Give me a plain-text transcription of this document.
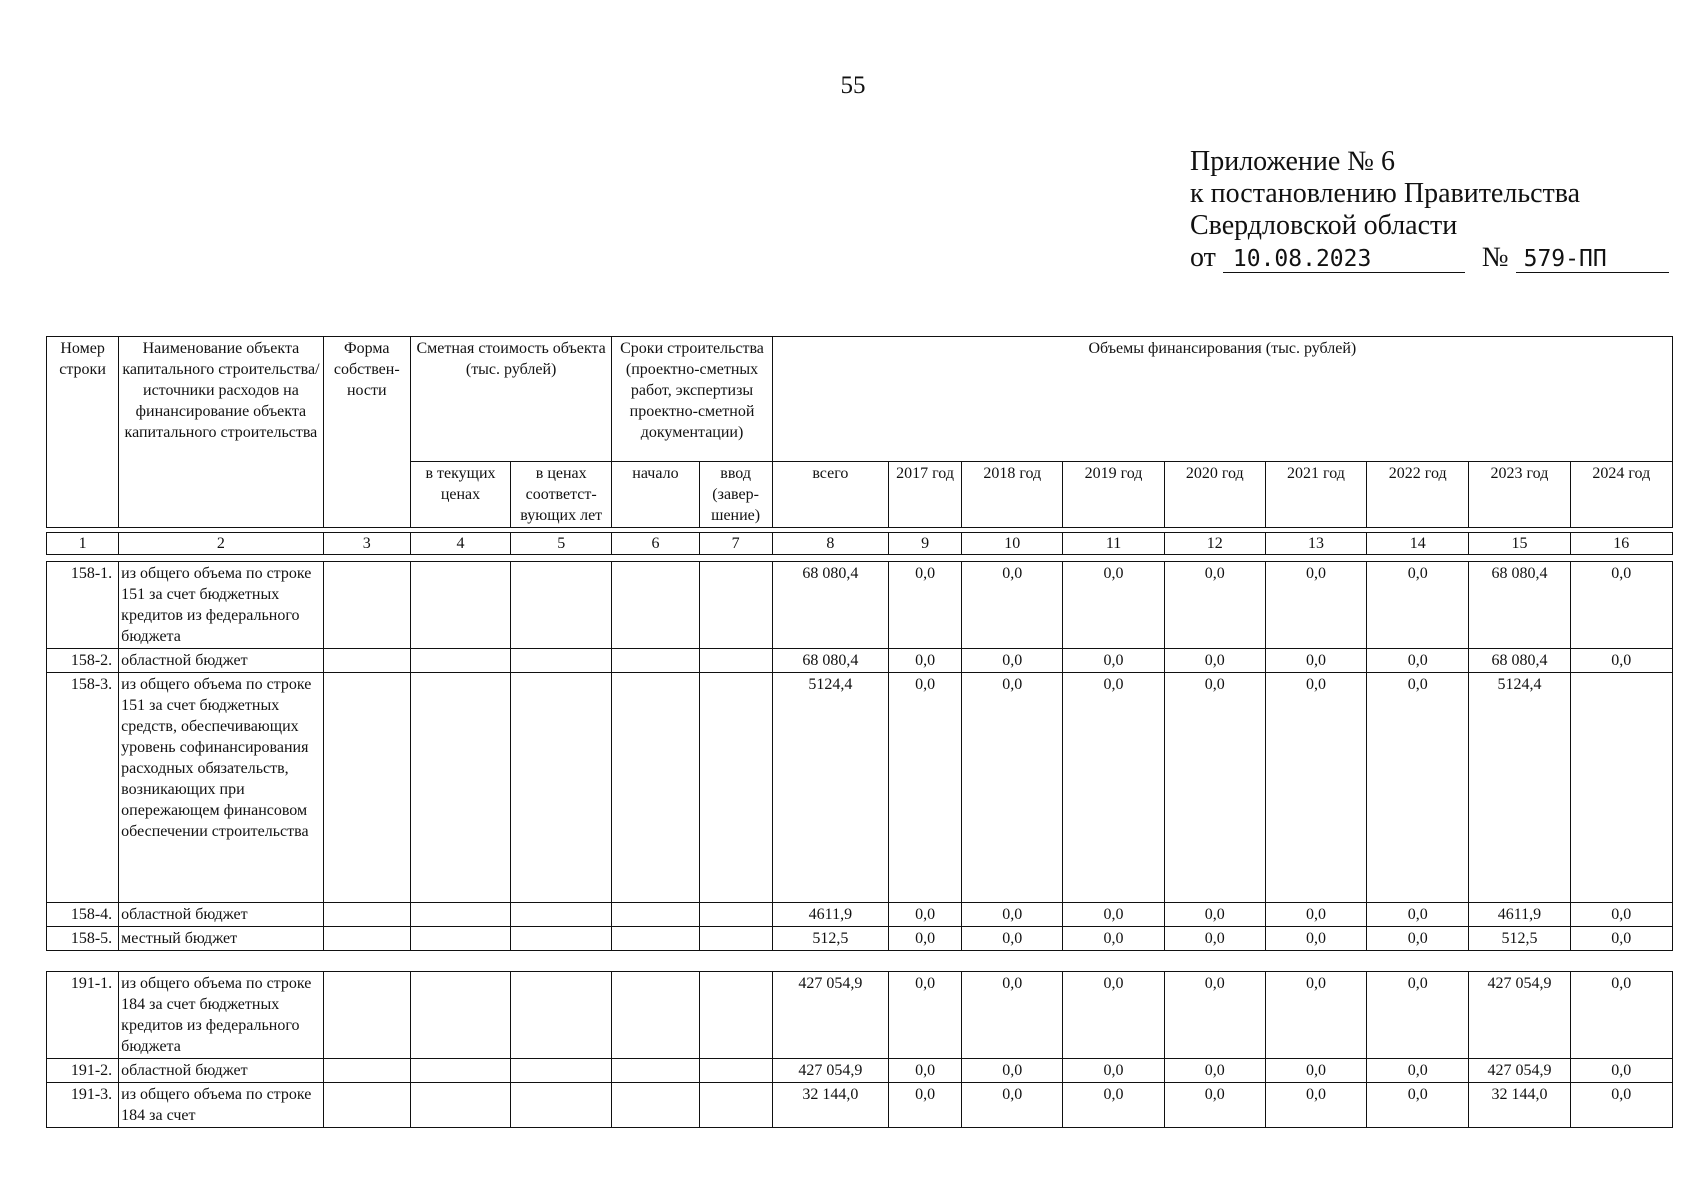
55
Приложение № 6
к постановлению Правительства
Свердловской области
от 10.08.2023	№ 579-ПП
Номер строки	Наименование объекта капитального строительства/источники расходов на финансирование объекта капитального строительства	Форма собствен-ности	Сметная стоимость объекта (тыс. рублей)		Сроки строительства (проектно-сметных работ, экспертизы проектно-сметной документации)		Объемы финансирования (тыс. рублей)								
			в текущих ценах	в ценах соответст-вующих лет	начало	ввод (завер-шение)	всего	2017 год	2018 год	2019 год	2020 год	2021 год	2022 год	2023 год	2024 год
1	2	3	4	5	6	7	8	9	10	11	12	13	14	15	16
158-1.	из общего объема по строке 151 за счет бюджетных кредитов из федерального бюджета						68 080,4	0,0	0,0	0,0	0,0	0,0	0,0	68 080,4	0,0
158-2.	областной бюджет						68 080,4	0,0	0,0	0,0	0,0	0,0	0,0	68 080,4	0,0
158-3.	из общего объема по строке 151 за счет бюджетных средств, обеспечивающих уровень софинансирования расходных обязательств, возникающих при опережающем финансовом обеспечении строительства						5124,4	0,0	0,0	0,0	0,0	0,0	0,0	5124,4	
158-4.	областной бюджет						4611,9	0,0	0,0	0,0	0,0	0,0	0,0	4611,9	0,0
158-5.	местный бюджет						512,5	0,0	0,0	0,0	0,0	0,0	0,0	512,5	0,0
191-1.	из общего объема по строке 184 за счет бюджетных кредитов из федерального бюджета						427 054,9	0,0	0,0	0,0	0,0	0,0	0,0	427 054,9	0,0
191-2.	областной бюджет						427 054,9	0,0	0,0	0,0	0,0	0,0	0,0	427 054,9	0,0
191-3.	из общего объема по строке 184 за счет						32 144,0	0,0	0,0	0,0	0,0	0,0	0,0	32 144,0	0,0
